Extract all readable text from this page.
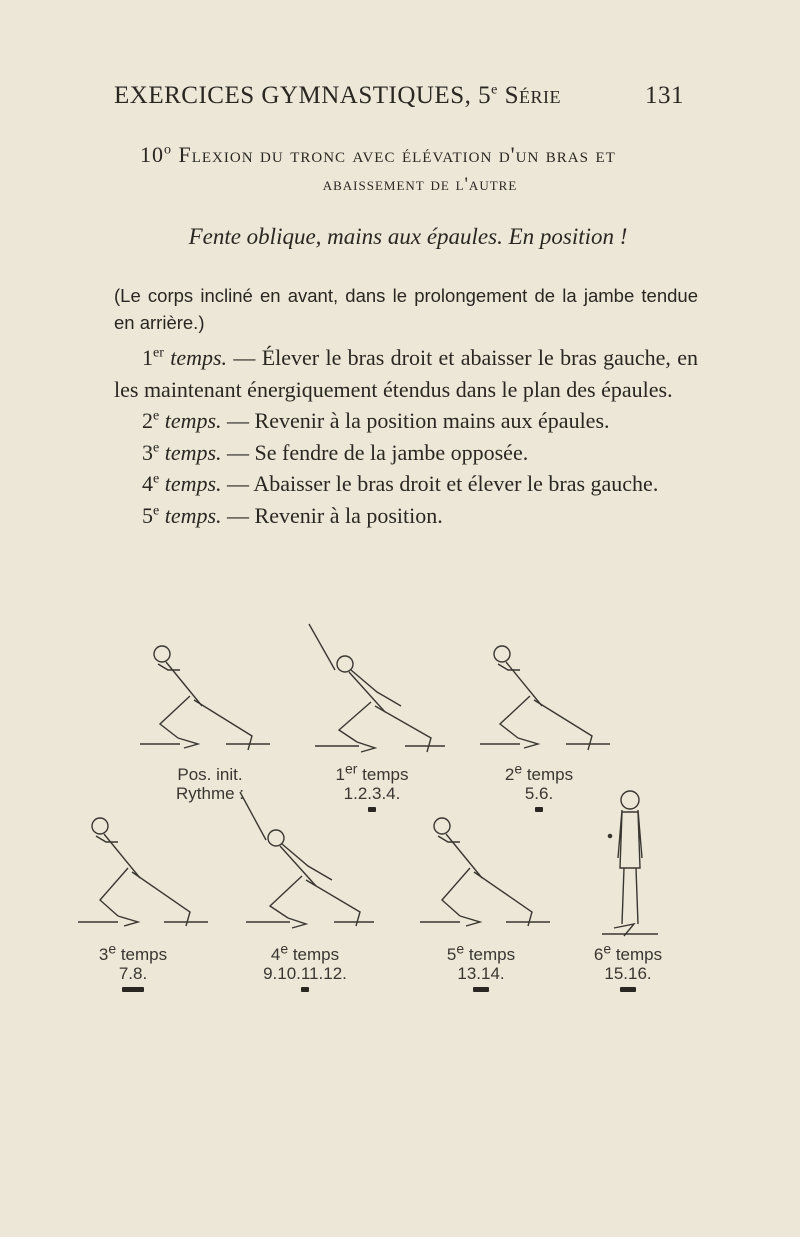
EXERCICES GYMNASTIQUES, 5e Série	131
10$^o$ Flexion du tronc avec élévation d'un bras et
abaissement de l'autre
Fente oblique, mains aux épaules. En position !
(Le corps incliné en avant, dans le prolongement de la jambe tendue en arrière.)

1er temps. — Élever le bras droit et abaisser le bras gauche, en les maintenant énergiquement étendus dans le plan des épaules.

2e temps. — Revenir à la position mains aux épaules.

3e temps. — Se fendre de la jambe opposée.

4e temps. — Abaisser le bras droit et élever le bras gauche.

5e temps. — Revenir à la position.

Pos. init.
Rythme :
1er temps
1.2.3.4.
2e temps
5.6.
3e temps
7.8.
4e temps
9.10.11.12.
5e temps
13.14.
6e temps
15.16.
